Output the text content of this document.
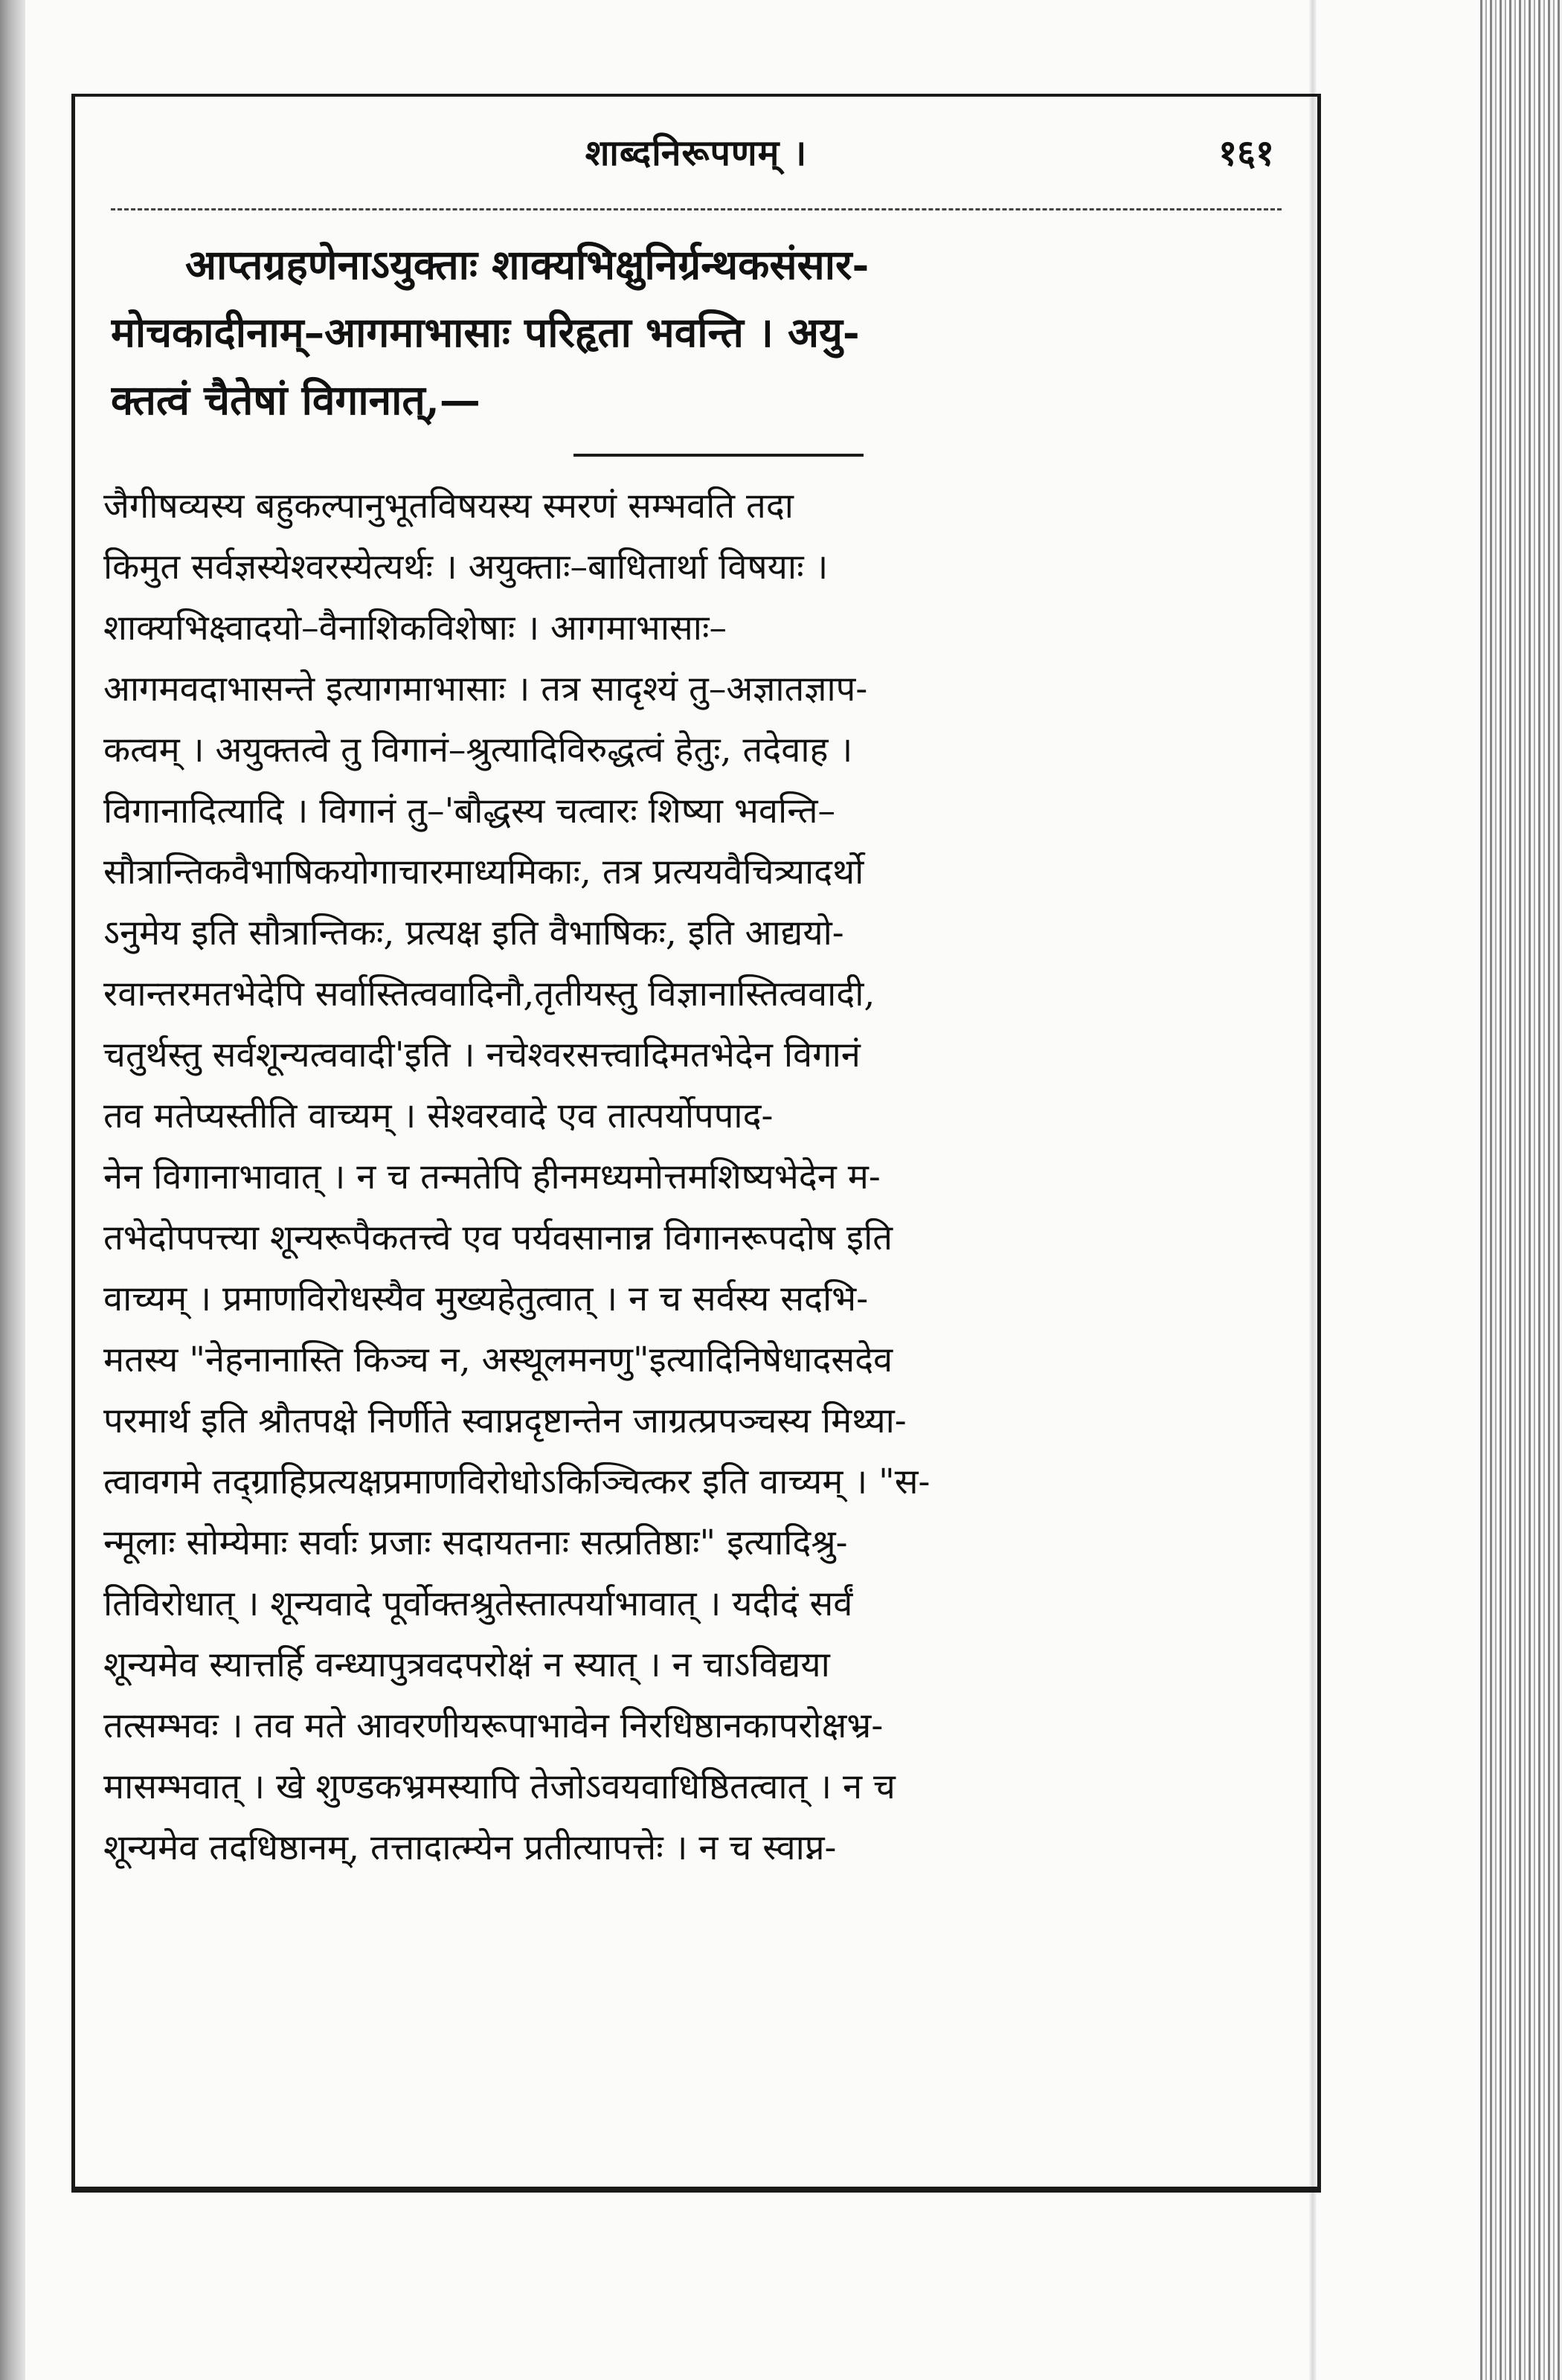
शाब्दनिरूपणम् ।	१६१
आप्तग्रहणेनाऽयुक्ताः शाक्यभिक्षुनिर्ग्रन्थकसंसार-
मोचकादीनाम्–आगमाभासाः परिहृता भवन्ति । अयु-
क्तत्वं चैतेषां विगानात्,—
जैगीषव्यस्य बहुकल्पानुभूतविषयस्य स्मरणं सम्भवति तदा
किमुत सर्वज्ञस्येश्वरस्येत्यर्थः । अयुक्ताः–बाधितार्था विषयाः ।
शाक्यभिक्ष्वादयो–वैनाशिकविशेषाः । आगमाभासाः–
आगमवदाभासन्ते इत्यागमाभासाः । तत्र सादृश्यं तु–अज्ञातज्ञाप-
कत्वम् । अयुक्तत्वे तु विगानं–श्रुत्यादिविरुद्धत्वं हेतुः, तदेवाह ।
विगानादित्यादि । विगानं तु–'बौद्धस्य चत्वारः शिष्या भवन्ति–
सौत्रान्तिकवैभाषिकयोगाचारमाध्यमिकाः, तत्र प्रत्ययवैचित्र्यादर्थो
ऽनुमेय इति सौत्रान्तिकः, प्रत्यक्ष इति वैभाषिकः, इति आद्ययो-
रवान्तरमतभेदेपि सर्वास्तित्ववादिनौ,तृतीयस्तु विज्ञानास्तित्ववादी,
चतुर्थस्तु सर्वशून्यत्ववादी'इति । नचेश्वरसत्त्वादिमतभेदेन विगानं
तव मतेप्यस्तीति वाच्यम् । सेश्वरवादे एव तात्पर्योपपाद-
नेन विगानाभावात् । न च तन्मतेपि हीनमध्यमोत्तमशिष्यभेदेन म-
तभेदोपपत्त्या शून्यरूपैकतत्त्वे एव पर्यवसानान्न विगानरूपदोष इति
वाच्यम् । प्रमाणविरोधस्यैव मुख्यहेतुत्वात् । न च सर्वस्य सदभि-
मतस्य "नेहनानास्ति किञ्च न, अस्थूलमनणु"इत्यादिनिषेधादसदेव
परमार्थ इति श्रौतपक्षे निर्णीते स्वाप्नदृष्टान्तेन जाग्रत्प्रपञ्चस्य मिथ्या-
त्वावगमे तद्ग्राहिप्रत्यक्षप्रमाणविरोधोऽकिञ्चित्कर इति वाच्यम् । "स-
न्मूलाः सोम्येमाः सर्वाः प्रजाः सदायतनाः सत्प्रतिष्ठाः" इत्यादिश्रु-
तिविरोधात् । शून्यवादे पूर्वोक्तश्रुतेस्तात्पर्याभावात् । यदीदं सर्वं
शून्यमेव स्यात्तर्हि वन्ध्यापुत्रवदपरोक्षं न स्यात् । न चाऽविद्यया
तत्सम्भवः । तव मते आवरणीयरूपाभावेन निरधिष्ठानकापरोक्षभ्र-
मासम्भवात् । खे शुण्डकभ्रमस्यापि तेजोऽवयवाधिष्ठितत्वात् । न च
शून्यमेव तदधिष्ठानम्, तत्तादात्म्येन प्रतीत्यापत्तेः । न च स्वाप्न-
